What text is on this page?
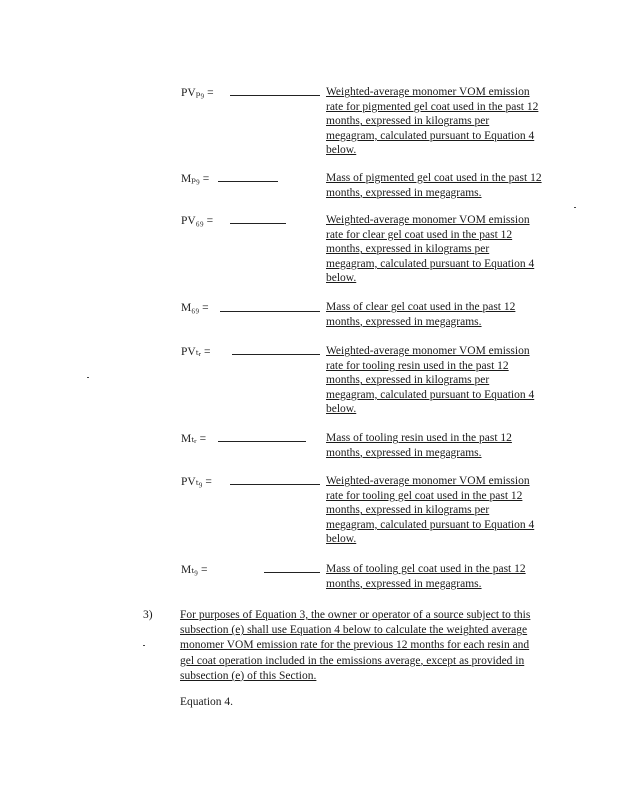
PVₚ₉ =	Weighted-average monomer VOM emission rate for pigmented gel coat used in the past 12 months, expressed in kilograms per megagram, calculated pursuant to Equation 4 below.
Mₚ₉ =	Mass of pigmented gel coat used in the past 12 months, expressed in megagrams.
PV₆₉ =	Weighted-average monomer VOM emission rate for clear gel coat used in the past 12 months, expressed in kilograms per megagram, calculated pursuant to Equation 4 below.
M₆₉ =	Mass of clear gel coat used in the past 12 months, expressed in megagrams.
PVₜᵣ =	Weighted-average monomer VOM emission rate for tooling resin used in the past 12 months, expressed in kilograms per megagram, calculated pursuant to Equation 4 below.
Mₜᵣ =	Mass of tooling resin used in the past 12 months, expressed in megagrams.
PVₜ₉ =	Weighted-average monomer VOM emission rate for tooling gel coat used in the past 12 months, expressed in kilograms per megagram, calculated pursuant to Equation 4 below.
Mₜ₉ =	Mass of tooling gel coat used in the past 12 months, expressed in megagrams.
3) For purposes of Equation 3, the owner or operator of a source subject to this subsection (e) shall use Equation 4 below to calculate the weighted average monomer VOM emission rate for the previous 12 months for each resin and gel coat operation included in the emissions average, except as provided in subsection (e) of this Section.
Equation 4.
